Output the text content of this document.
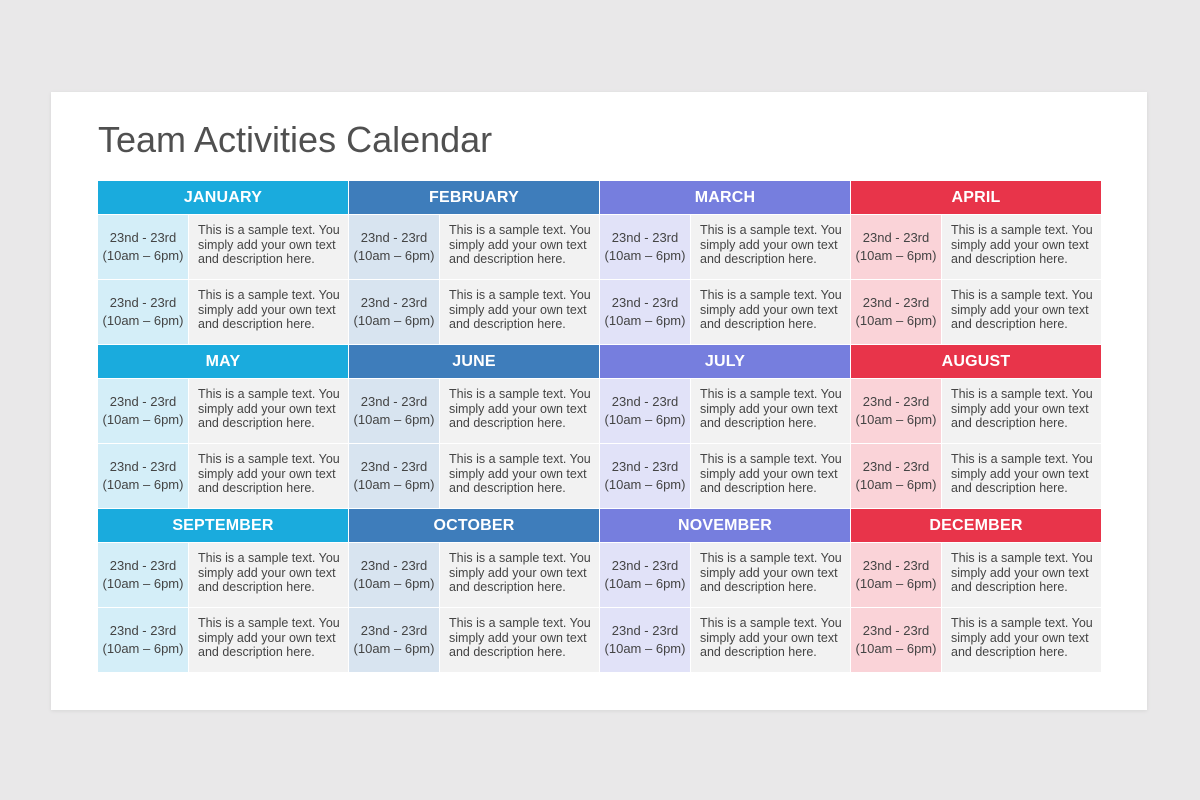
Team Activities Calendar
JANUARY
23nd - 23rd
(10am – 6pm)
This is a sample text. You simply add your own text and description here.
23nd - 23rd
(10am – 6pm)
This is a sample text. You simply add your own text and description here.
FEBRUARY
23nd - 23rd
(10am – 6pm)
This is a sample text. You simply add your own text and description here.
23nd - 23rd
(10am – 6pm)
This is a sample text. You simply add your own text and description here.
MARCH
23nd - 23rd
(10am – 6pm)
This is a sample text. You simply add your own text and description here.
23nd - 23rd
(10am – 6pm)
This is a sample text. You simply add your own text and description here.
APRIL
23nd - 23rd
(10am – 6pm)
This is a sample text. You simply add your own text and description here.
23nd - 23rd
(10am – 6pm)
This is a sample text. You simply add your own text and description here.
MAY
23nd - 23rd
(10am – 6pm)
This is a sample text. You simply add your own text and description here.
23nd - 23rd
(10am – 6pm)
This is a sample text. You simply add your own text and description here.
JUNE
23nd - 23rd
(10am – 6pm)
This is a sample text. You simply add your own text and description here.
23nd - 23rd
(10am – 6pm)
This is a sample text. You simply add your own text and description here.
JULY
23nd - 23rd
(10am – 6pm)
This is a sample text. You simply add your own text and description here.
23nd - 23rd
(10am – 6pm)
This is a sample text. You simply add your own text and description here.
AUGUST
23nd - 23rd
(10am – 6pm)
This is a sample text. You simply add your own text and description here.
23nd - 23rd
(10am – 6pm)
This is a sample text. You simply add your own text and description here.
SEPTEMBER
23nd - 23rd
(10am – 6pm)
This is a sample text. You simply add your own text and description here.
23nd - 23rd
(10am – 6pm)
This is a sample text. You simply add your own text and description here.
OCTOBER
23nd - 23rd
(10am – 6pm)
This is a sample text. You simply add your own text and description here.
23nd - 23rd
(10am – 6pm)
This is a sample text. You simply add your own text and description here.
NOVEMBER
23nd - 23rd
(10am – 6pm)
This is a sample text. You simply add your own text and description here.
23nd - 23rd
(10am – 6pm)
This is a sample text. You simply add your own text and description here.
DECEMBER
23nd - 23rd
(10am – 6pm)
This is a sample text. You simply add your own text and description here.
23nd - 23rd
(10am – 6pm)
This is a sample text. You simply add your own text and description here.
